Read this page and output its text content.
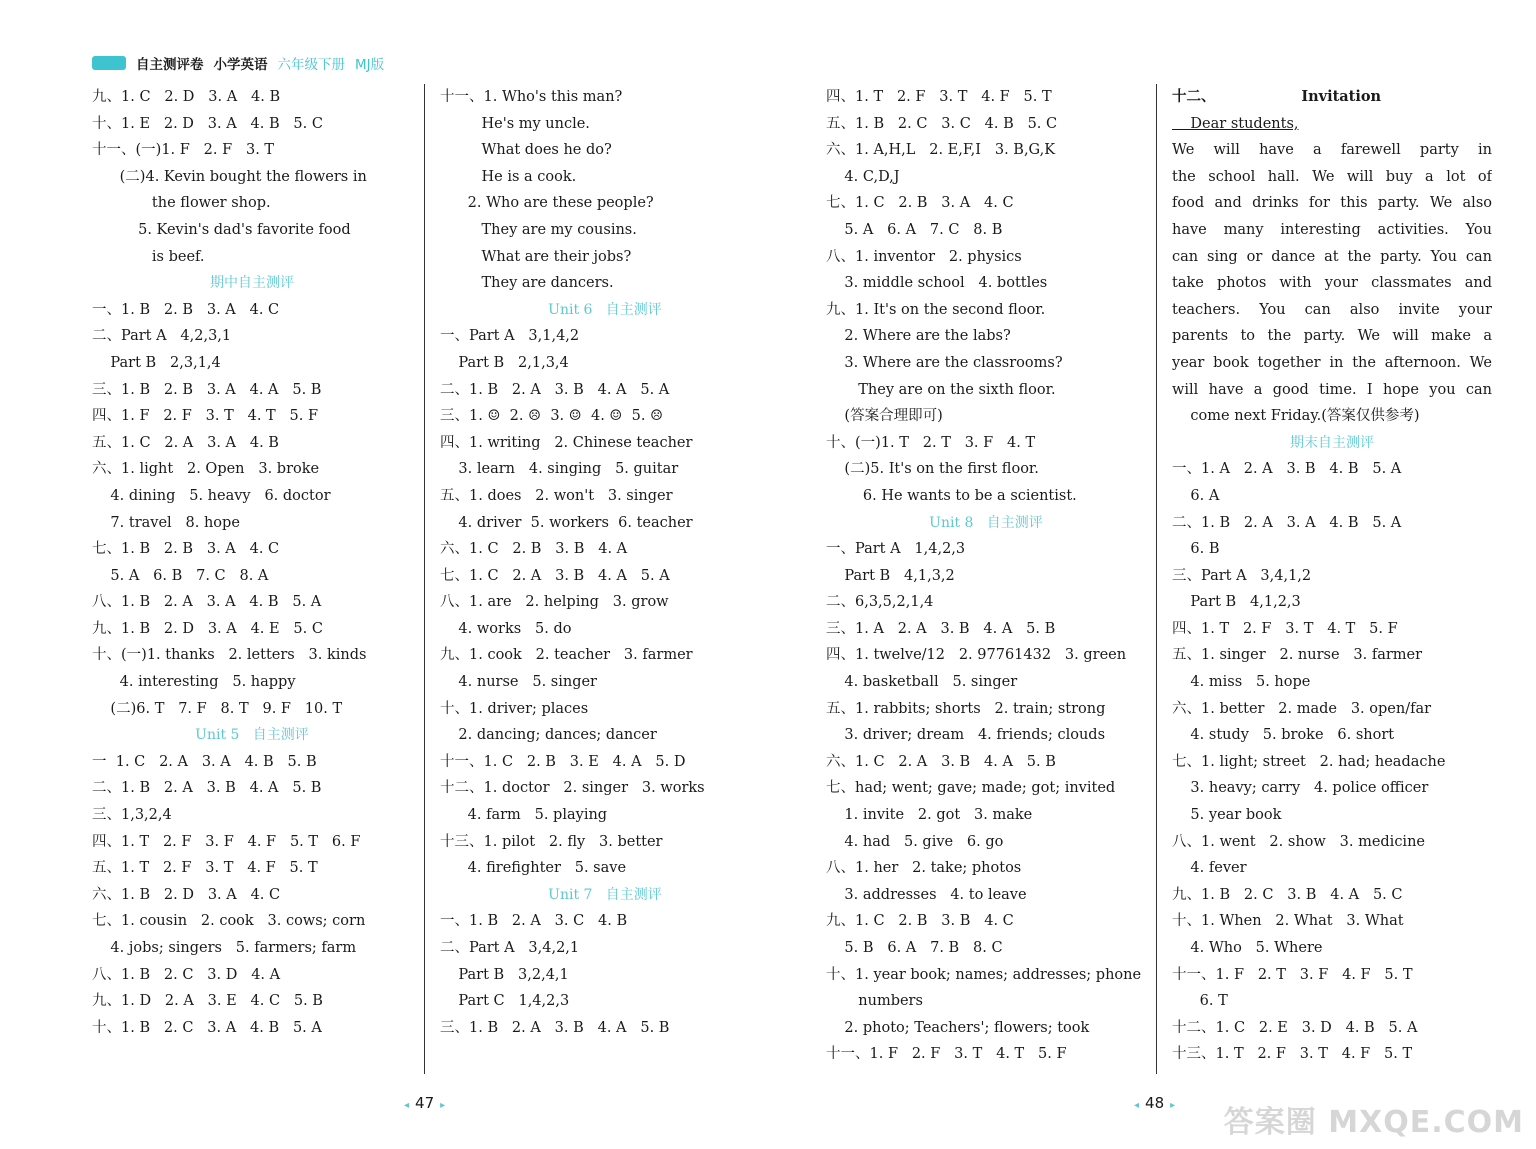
自主测评卷 小学英语 六年级下册 MJ版
九、1. C   2. D   3. A   4. B
十、1. E   2. D   3. A   4. B   5. C
十一、(一)1. F   2. F   3. T
(二)4. Kevin bought the flowers in
the flower shop.
5. Kevin's dad's favorite food
is beef.
期中自主测评
一、1. B   2. B   3. A   4. C
二、Part A   4,2,3,1
Part B   2,3,1,4
三、1. B   2. B   3. A   4. A   5. B
四、1. F   2. F   3. T   4. T   5. F
五、1. C   2. A   3. A   4. B
六、1. light   2. Open   3. broke
4. dining   5. heavy   6. doctor
7. travel   8. hope
七、1. B   2. B   3. A   4. C
5. A   6. B   7. C   8. A
八、1. B   2. A   3. A   4. B   5. A
九、1. B   2. D   3. A   4. E   5. C
十、(一)1. thanks   2. letters   3. kinds
4. interesting   5. happy
(二)6. T   7. F   8. T   9. F   10. T
Unit 5   自主测评
一  1. C   2. A   3. A   4. B   5. B
二、1. B   2. A   3. B   4. A   5. B
三、1,3,2,4
四、1. T   2. F   3. F   4. F   5. T   6. F
五、1. T   2. F   3. T   4. F   5. T
六、1. B   2. D   3. A   4. C
七、1. cousin   2. cook   3. cows; corn
4. jobs; singers   5. farmers; farm
八、1. B   2. C   3. D   4. A
九、1. D   2. A   3. E   4. C   5. B
十、1. B   2. C   3. A   4. B   5. A
十一、1. Who's this man?
He's my uncle.
What does he do?
He is a cook.
2. Who are these people?
They are my cousins.
What are their jobs?
They are dancers.
Unit 6   自主测评
一、Part A   3,1,4,2
Part B   2,1,3,4
二、1. B   2. A   3. B   4. A   5. A
三、1. ☺  2. ☹  3. ☺  4. ☺  5. ☹
四、1. writing   2. Chinese teacher
3. learn   4. singing   5. guitar
五、1. does   2. won't   3. singer
4. driver  5. workers  6. teacher
六、1. C   2. B   3. B   4. A
七、1. C   2. A   3. B   4. A   5. A
八、1. are   2. helping   3. grow
4. works   5. do
九、1. cook   2. teacher   3. farmer
4. nurse   5. singer
十、1. driver; places
2. dancing; dances; dancer
十一、1. C   2. B   3. E   4. A   5. D
十二、1. doctor   2. singer   3. works
4. farm   5. playing
十三、1. pilot   2. fly   3. better
4. firefighter   5. save
Unit 7   自主测评
一、1. B   2. A   3. C   4. B
二、Part A   3,4,2,1
Part B   3,2,4,1
Part C   1,4,2,3
三、1. B   2. A   3. B   4. A   5. B
四、1. T   2. F   3. T   4. F   5. T
五、1. B   2. C   3. C   4. B   5. C
六、1. A,H,L   2. E,F,I   3. B,G,K
4. C,D,J
七、1. C   2. B   3. A   4. C
5. A   6. A   7. C   8. B
八、1. inventor   2. physics
3. middle school   4. bottles
九、1. It's on the second floor.
2. Where are the labs?
3. Where are the classrooms?
They are on the sixth floor.
(答案合理即可)
十、(一)1. T   2. T   3. F   4. T
(二)5. It's on the first floor.
6. He wants to be a scientist.
Unit 8   自主测评
一、Part A   1,4,2,3
Part B   4,1,3,2
二、6,3,5,2,1,4
三、1. A   2. A   3. B   4. A   5. B
四、1. twelve/12   2. 97761432   3. green
4. basketball   5. singer
五、1. rabbits; shorts   2. train; strong
3. driver; dream   4. friends; clouds
六、1. C   2. A   3. B   4. A   5. B
七、had; went; gave; made; got; invited
1. invite   2. got   3. make
4. had   5. give   6. go
八、1. her   2. take; photos
3. addresses   4. to leave
九、1. C   2. B   3. B   4. C
5. B   6. A   7. B   8. C
十、1. year book; names; addresses; phone
numbers
2. photo; Teachers'; flowers; took
十一、1. F   2. F   3. T   4. T   5. F
十二、                 Invitation
Dear students,
We will have a farewell party in
the school hall. We will buy a lot of
food and drinks for this party. We also
have many interesting activities. You
can sing or dance at the party. You can
take photos with your classmates and
teachers. You can also invite your
parents to the party. We will make a
year book together in the afternoon. We
will have a good time. I hope you can
come next Friday.(答案仅供参考)
期末自主测评
一、1. A   2. A   3. B   4. B   5. A
6. A
二、1. B   2. A   3. A   4. B   5. A
6. B
三、Part A   3,4,1,2
Part B   4,1,2,3
四、1. T   2. F   3. T   4. T   5. F
五、1. singer   2. nurse   3. farmer
4. miss   5. hope
六、1. better   2. made   3. open/far
4. study   5. broke   6. short
七、1. light; street   2. had; headache
3. heavy; carry   4. police officer
5. year book
八、1. went   2. show   3. medicine
4. fever
九、1. B   2. C   3. B   4. A   5. C
十、1. When   2. What   3. What
4. Who   5. Where
十一、1. F   2. T   3. F   4. F   5. T
6. T
十二、1. C   2. E   3. D   4. B   5. A
十三、1. T   2. F   3. T   4. F   5. T
◂ 47 ▸	◂ 48 ▸ 答案圈 MXQE.COM
